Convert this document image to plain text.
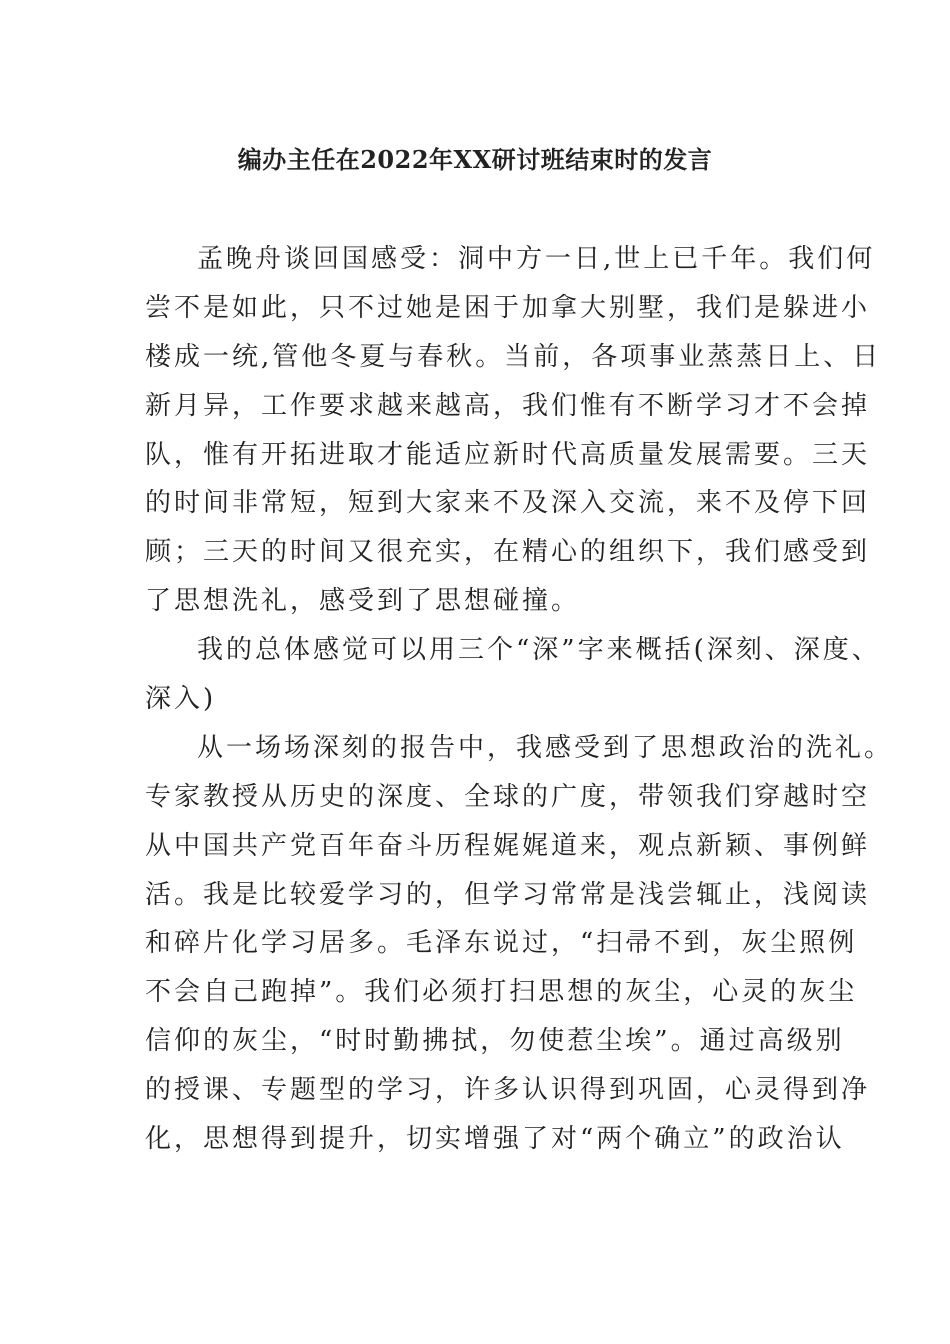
编办主任在2022年XX研讨班结束时的发言
孟晚舟谈回国感受：洞中方一日,世上已千年。我们何
尝不是如此，只不过她是困于加拿大别墅，我们是躲进小
楼成一统,管他冬夏与春秋。当前，各项事业蒸蒸日上、日
新月异，工作要求越来越高，我们惟有不断学习才不会掉
队，惟有开拓进取才能适应新时代高质量发展需要。三天
的时间非常短，短到大家来不及深入交流，来不及停下回
顾；三天的时间又很充实，在精心的组织下，我们感受到
了思想洗礼，感受到了思想碰撞。
我的总体感觉可以用三个“深”字来概括(深刻、深度、
深入)
从一场场深刻的报告中，我感受到了思想政治的洗礼。
专家教授从历史的深度、全球的广度，带领我们穿越时空
从中国共产党百年奋斗历程娓娓道来，观点新颖、事例鲜
活。我是比较爱学习的，但学习常常是浅尝辄止，浅阅读
和碎片化学习居多。毛泽东说过，“扫帚不到，灰尘照例
不会自己跑掉”。我们必须打扫思想的灰尘，心灵的灰尘
信仰的灰尘，“时时勤拂拭，勿使惹尘埃”。通过高级别
的授课、专题型的学习，许多认识得到巩固，心灵得到净
化，思想得到提升，切实增强了对“两个确立”的政治认
